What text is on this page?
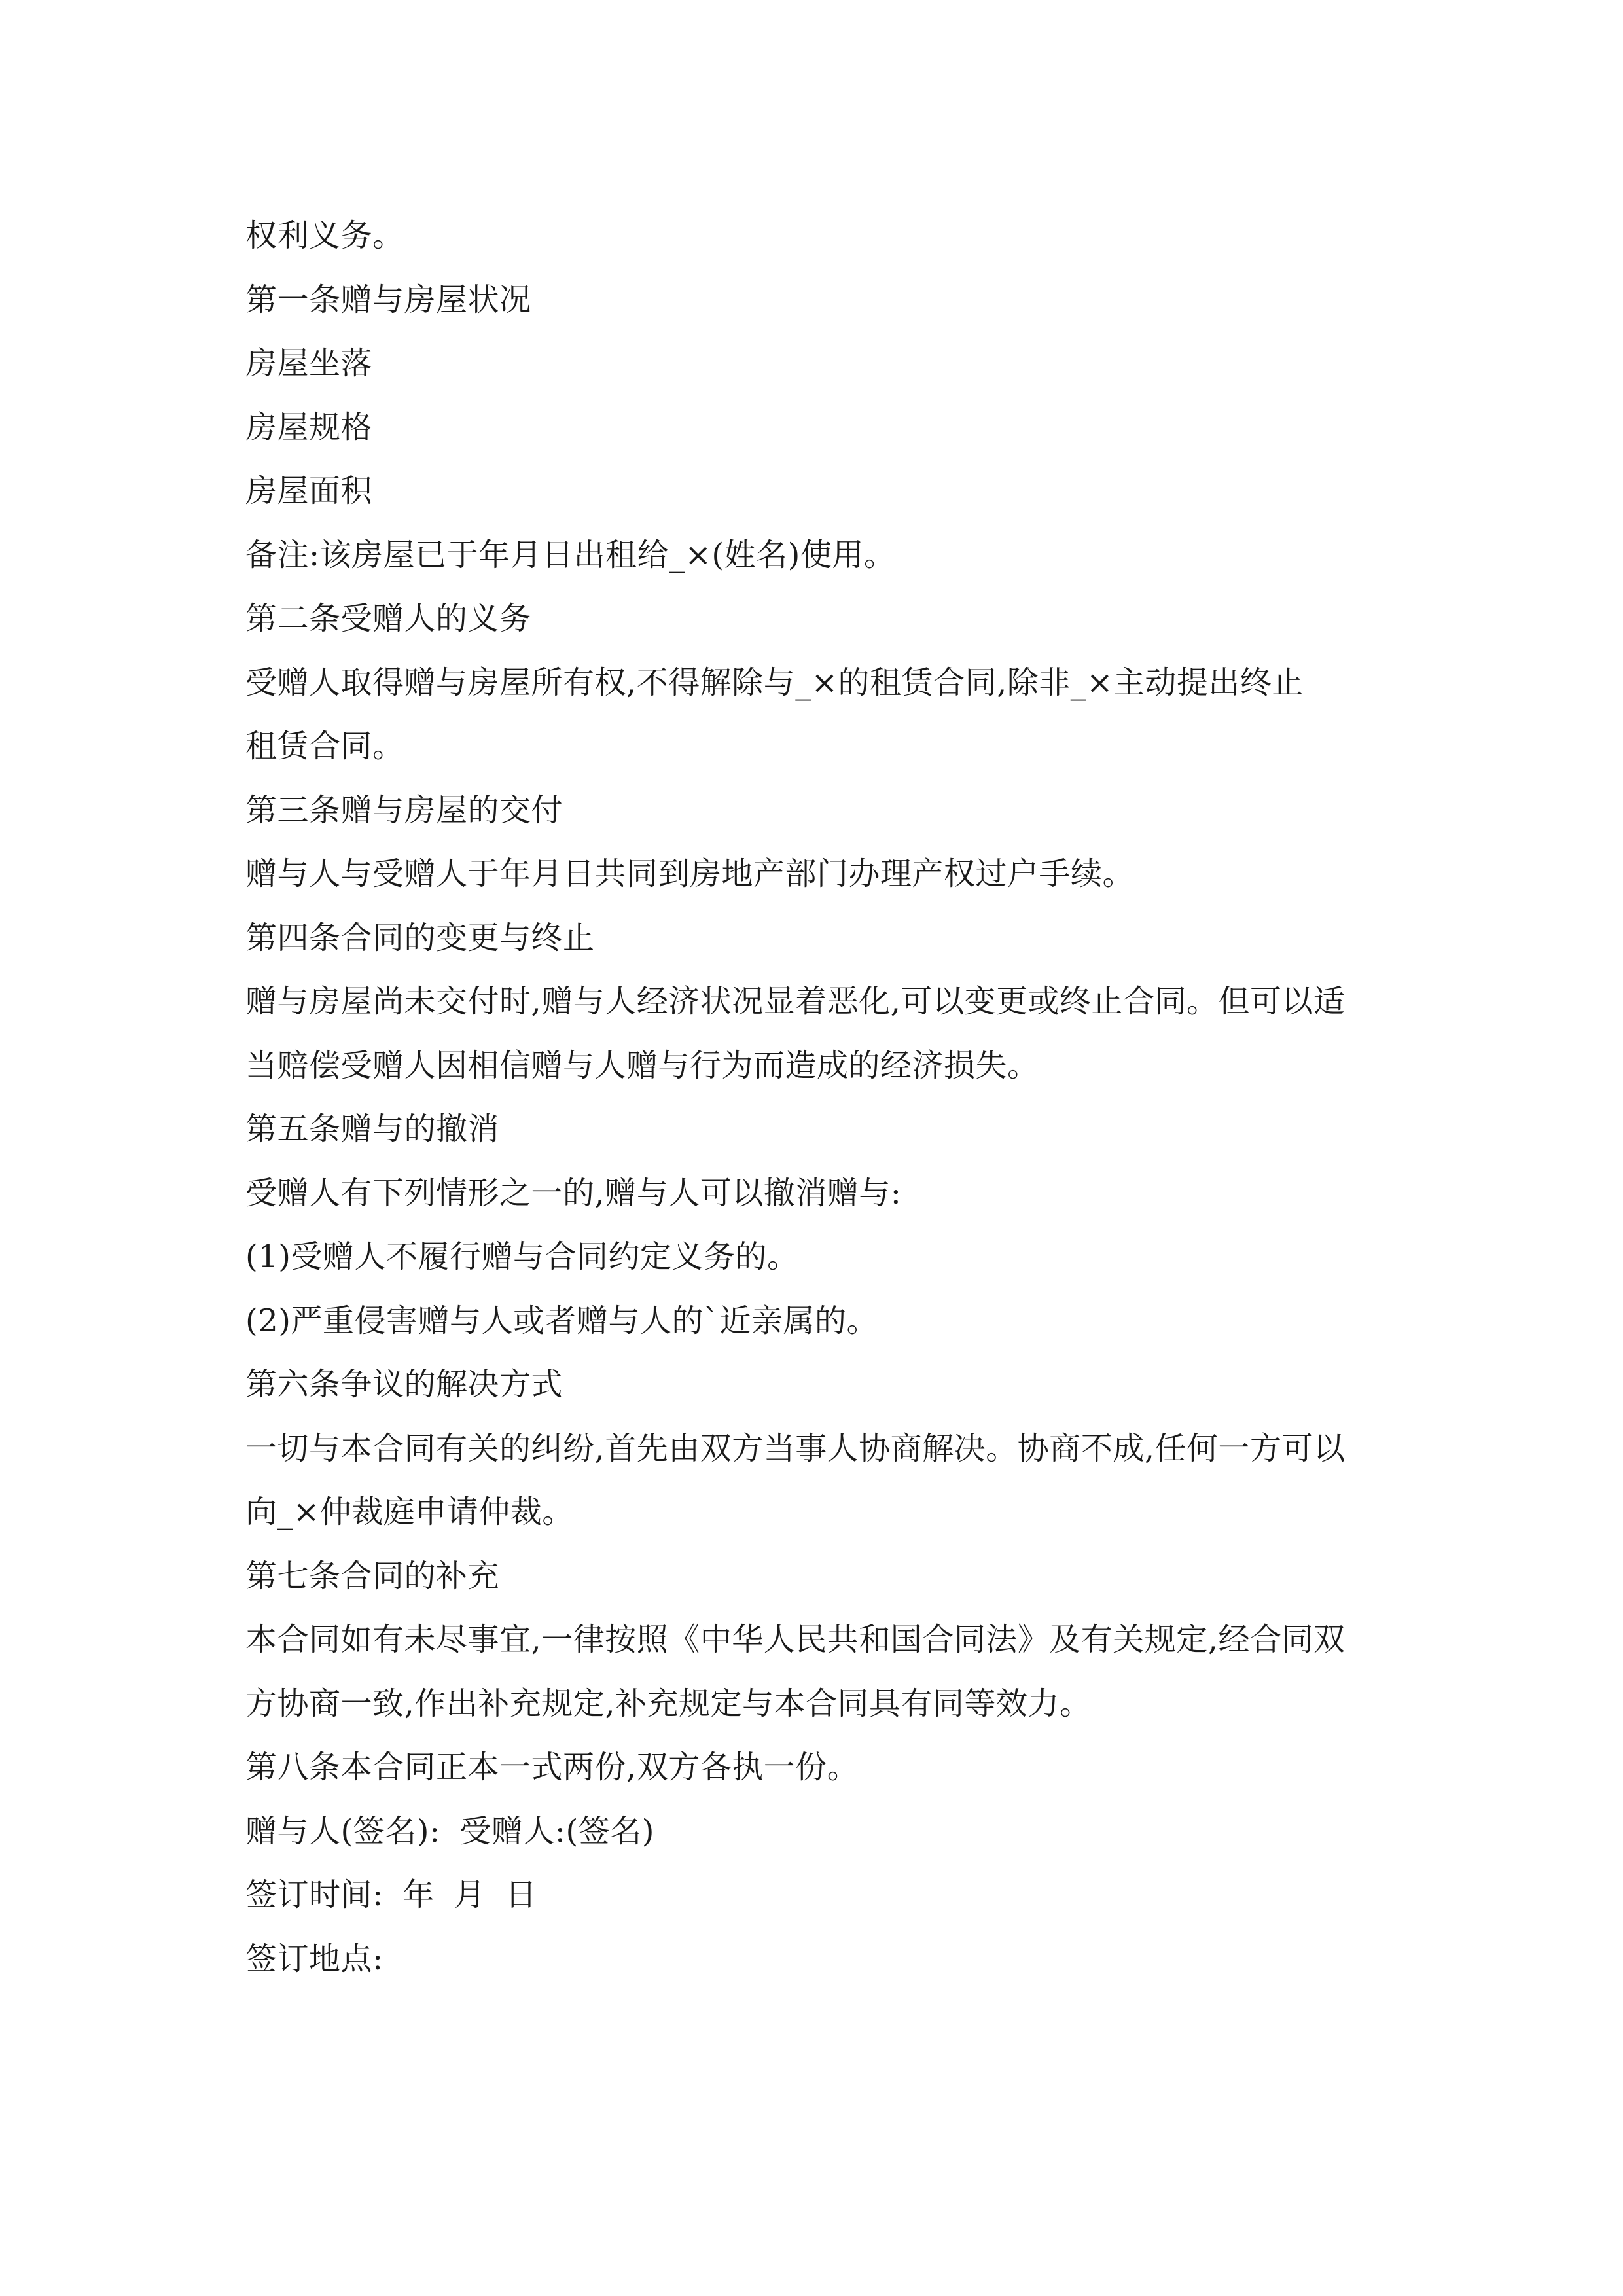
权利义务。

第一条赠与房屋状况

房屋坐落

房屋规格

房屋面积

备注:该房屋已于年月日出租给_×(姓名)使用。

第二条受赠人的义务

受赠人取得赠与房屋所有权,不得解除与_×的租赁合同,除非_×主动提出终止

租赁合同。

第三条赠与房屋的交付

赠与人与受赠人于年月日共同到房地产部门办理产权过户手续。

第四条合同的变更与终止

赠与房屋尚未交付时,赠与人经济状况显着恶化,可以变更或终止合同。但可以适

当赔偿受赠人因相信赠与人赠与行为而造成的经济损失。

第五条赠与的撤消

受赠人有下列情形之一的,赠与人可以撤消赠与:

(1)受赠人不履行赠与合同约定义务的。

(2)严重侵害赠与人或者赠与人的`近亲属的。

第六条争议的解决方式

一切与本合同有关的纠纷,首先由双方当事人协商解决。协商不成,任何一方可以

向_×仲裁庭申请仲裁。

第七条合同的补充

本合同如有未尽事宜,一律按照《中华人民共和国合同法》及有关规定,经合同双

方协商一致,作出补充规定,补充规定与本合同具有同等效力。

第八条本合同正本一式两份,双方各执一份。

赠与人(签名): 受赠人:(签名)

签订时间: 年 月 日

签订地点:
